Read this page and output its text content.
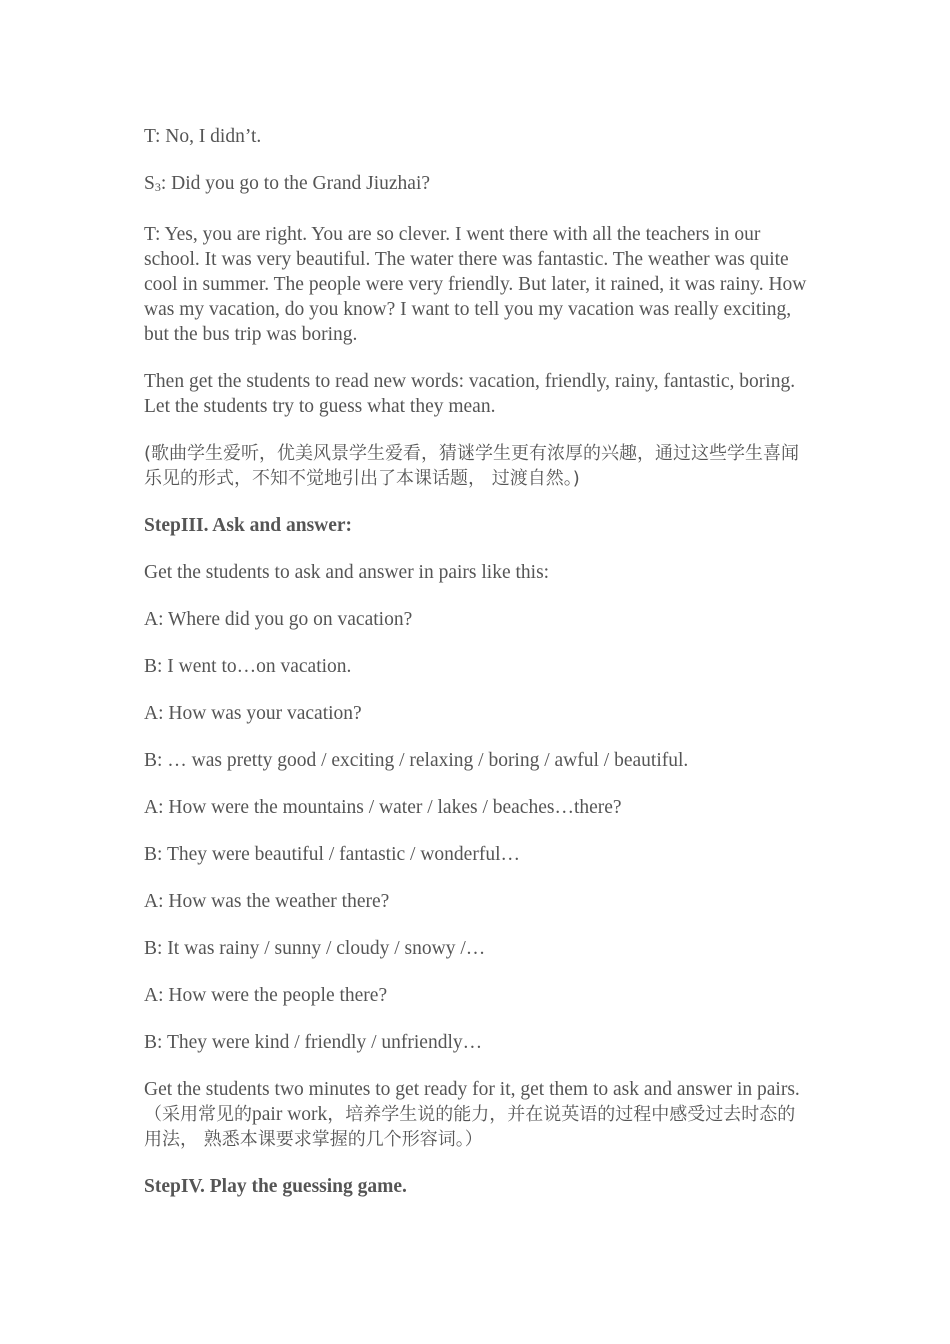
T: No, I didn’t.

$S_3$: Did you go to the Grand Jiuzhai?

T: Yes, you are right. You are so clever. I went there with all the teachers in our school. It was very beautiful. The water there was fantastic. The weather was quite cool in summer. The people were very friendly. But later, it rained, it was rainy. How was my vacation, do you know? I want to tell you my vacation was really exciting, but the bus trip was boring.

Then get the students to read new words: vacation, friendly, rainy, fantastic, boring. Let the students try to guess what they mean.

(歌曲学生爱听，优美风景学生爱看，猜谜学生更有浓厚的兴趣，通过这些学生喜闻乐见的形式，不知不觉地引出了本课话题， 过渡自然。)

StepIII. Ask and answer:

Get the students to ask and answer in pairs like this:

A: Where did you go on vacation?

B: I went to…on vacation.

A: How was your vacation?

B: … was pretty good / exciting / relaxing / boring / awful / beautiful.

A: How were the mountains / water / lakes / beaches…there?

B: They were beautiful / fantastic / wonderful…

A: How was the weather there?

B: It was rainy / sunny / cloudy / snowy /…

A: How were the people there?

B: They were kind / friendly / unfriendly…

Get the students two minutes to get ready for it, get them to ask and answer in pairs.（采用常见的pair work，培养学生说的能力，并在说英语的过程中感受过去时态的用法， 熟悉本课要求掌握的几个形容词。）

StepIV. Play the guessing game.
